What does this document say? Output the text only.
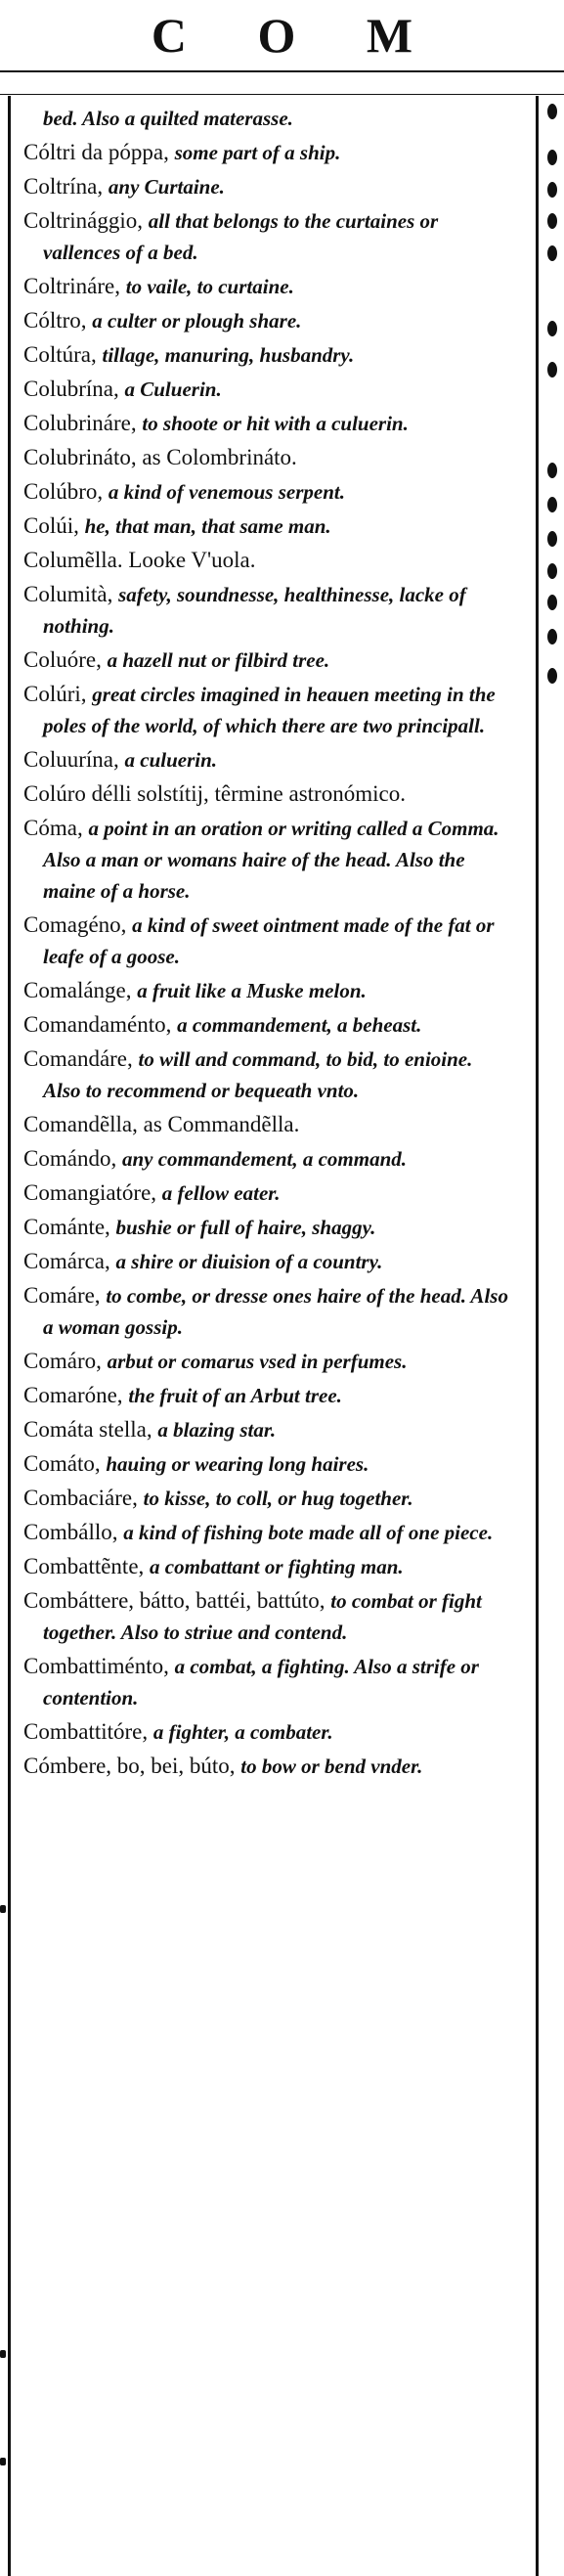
C O M
bed. Also a quilted materasse.
Cóltri da póppa, some part of a ship.
Coltrína, any Curtaine.
Coltrinággio, all that belongs to the curtaines or vallences of a bed.
Coltrináre, to vaile, to curtaine.
Cóltro, a culter or plough share.
Coltúra, tillage, manuring, husbandry.
Colubrína, a Culuerin.
Colubrináre, to shoote or hit with a culuerin.
Colubrináto, as Colombrináto.
Colúbro, a kind of venemous serpent.
Colúi, he, that man, that same man.
Columẽlla. Looke V'uola.
Columità, safety, soundnesse, healthinesse, lacke of nothing.
Coluóre, a hazell nut or filbird tree.
Colúri, great circles imagined in heauen meeting in the poles of the world, of which there are two principall.
Coluurína, a culuerin.
Colúro délli solstítij, têrmine astronómico.
Cóma, a point in an oration or writing called a Comma. Also a man or womans haire of the head. Also the maine of a horse.
Comagéno, a kind of sweet ointment made of the fat or leafe of a goose.
Comalánge, a fruit like a Muske melon.
Comandaménto, a commandement, a beheast.
Comandáre, to will and command, to bid, to enioine. Also to recommend or bequeath vnto.
Comandẽlla, as Commandẽlla.
Comándo, any commandement, a command.
Comangiatóre, a fellow eater.
Cománte, bushie or full of haire, shaggy.
Comárca, a shire or diuision of a country.
Comáre, to combe, or dresse ones haire of the head. Also a woman gossip.
Comáro, arbut or comarus vsed in perfumes.
Comaróne, the fruit of an Arbut tree.
Comáta stella, a blazing star.
Comáto, hauing or wearing long haires.
Combaciáre, to kisse, to coll, or hug together.
Combállo, a kind of fishing bote made all of one piece.
Combattẽnte, a combattant or fighting man.
Combáttere, bátto, battéi, battúto, to combat or fight together. Also to striue and contend.
Combattiménto, a combat, a fighting. Also a strife or contention.
Combattitóre, a fighter, a combater.
Cómbere, bo, bei, búto, to bow or bend vnder.
